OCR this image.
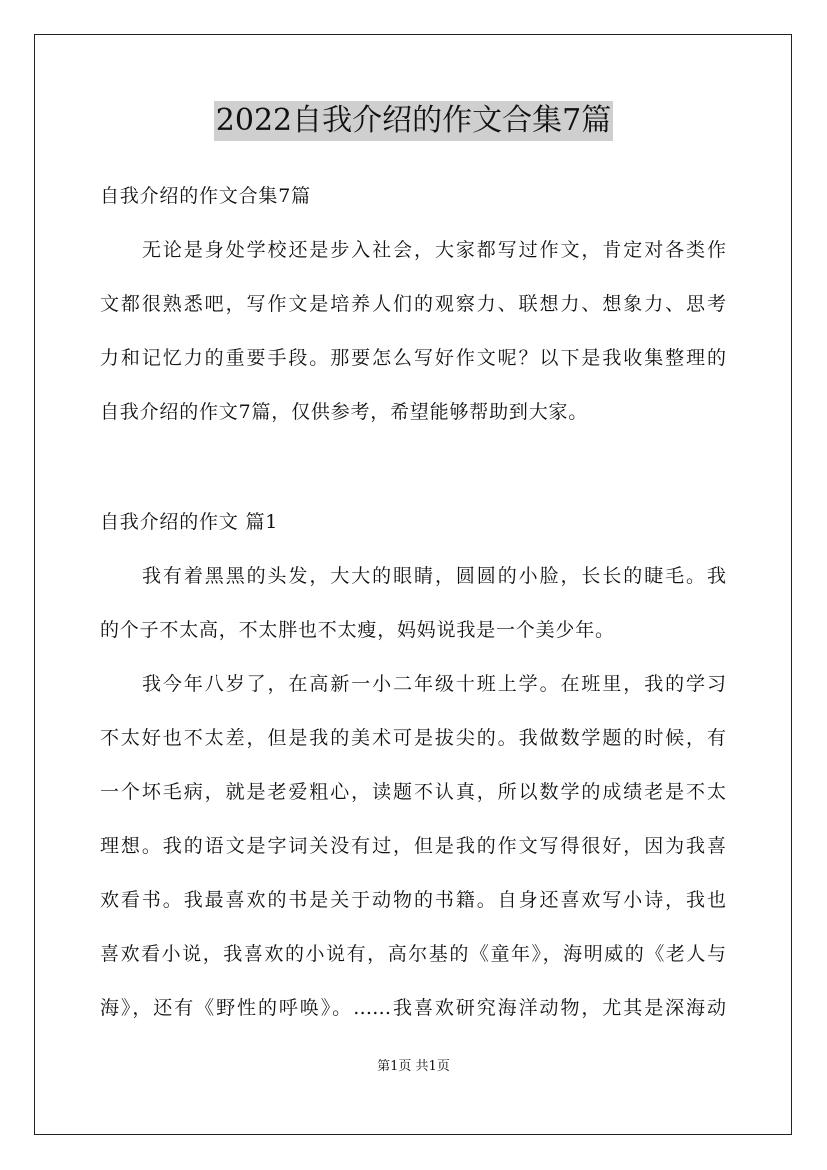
2022自我介绍的作文合集7篇
自我介绍的作文合集7篇
无论是身处学校还是步入社会，大家都写过作文，肯定对各类作
文都很熟悉吧，写作文是培养人们的观察力、联想力、想象力、思考
力和记忆力的重要手段。那要怎么写好作文呢？以下是我收集整理的
自我介绍的作文7篇，仅供参考，希望能够帮助到大家。
自我介绍的作文 篇1
我有着黑黑的头发，大大的眼睛，圆圆的小脸，长长的睫毛。我
的个子不太高，不太胖也不太瘦，妈妈说我是一个美少年。
我今年八岁了，在高新一小二年级十班上学。在班里，我的学习
不太好也不太差，但是我的美术可是拔尖的。我做数学题的时候，有
一个坏毛病，就是老爱粗心，读题不认真，所以数学的成绩老是不太
理想。我的语文是字词关没有过，但是我的作文写得很好，因为我喜
欢看书。我最喜欢的书是关于动物的书籍。自身还喜欢写小诗，我也
喜欢看小说，我喜欢的小说有，高尔基的《童年》，海明威的《老人与
海》，还有《野性的呼唤》。……我喜欢研究海洋动物，尤其是深海动
第1页 共1页
